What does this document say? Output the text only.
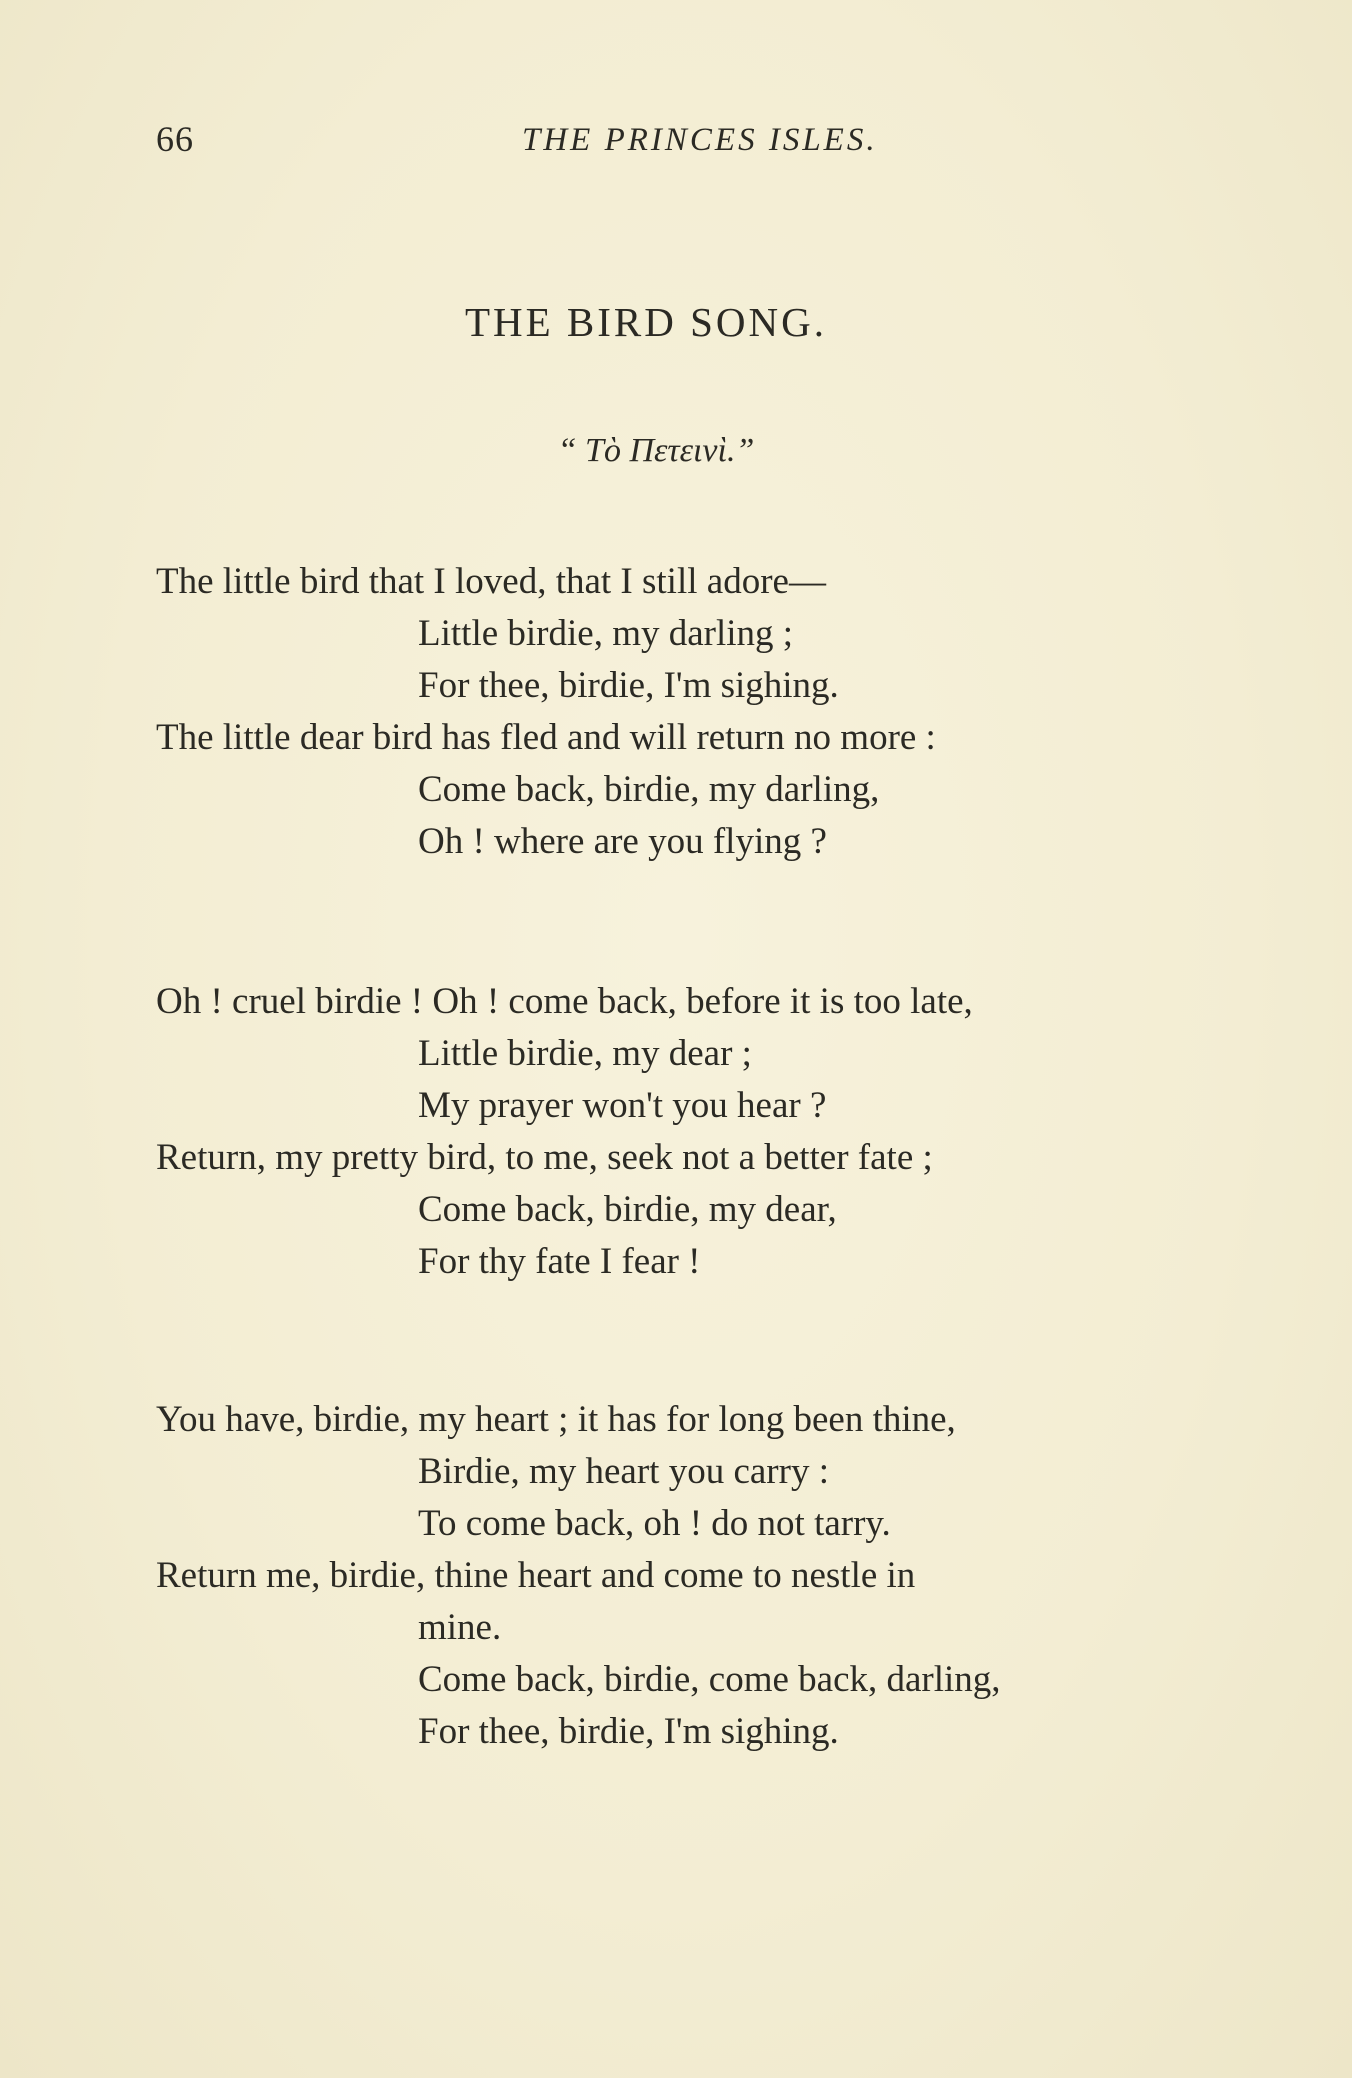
66	THE PRINCES ISLES.
THE BIRD SONG.
“ Τὸ Πετεινὶ.”
The little bird that I loved, that I still adore—
Little birdie, my darling ;
For thee, birdie, I'm sighing.
The little dear bird has fled and will return no more :
Come back, birdie, my darling,
Oh ! where are you flying ?
Oh ! cruel birdie ! Oh ! come back, before it is too late,
Little birdie, my dear ;
My prayer won't you hear ?
Return, my pretty bird, to me, seek not a better fate ;
Come back, birdie, my dear,
For thy fate I fear !
You have, birdie, my heart ; it has for long been thine,
Birdie, my heart you carry :
To come back, oh ! do not tarry.
Return me, birdie, thine heart and come to nestle in
mine.
Come back, birdie, come back, darling,
For thee, birdie, I'm sighing.
